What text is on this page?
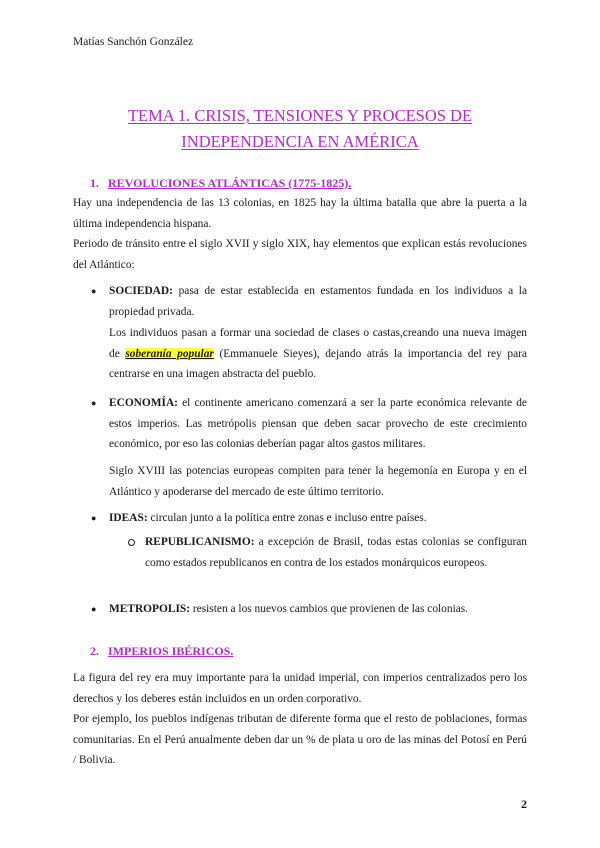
Matías Sanchón González
TEMA 1. CRISIS, TENSIONES Y PROCESOS DE
INDEPENDENCIA EN AMÉRICA
1. REVOLUCIONES ATLÁNTICAS (1775-1825).

Hay una independencia de las 13 colonias, en 1825 hay la última batalla que abre la puerta a la última independencia hispana.

Periodo de tránsito entre el siglo XVII y siglo XIX, hay elementos que explican estás revoluciones del Atlántico:

● SOCIEDAD: pasa de estar establecida en estamentos fundada en los individuos a la propiedad privada.

Los individuos pasan a formar una sociedad de clases o castas,creando una nueva imagen de soberanía popular (Emmanuele Sieyes), dejando atrás la importancia del rey para centrarse en una imagen abstracta del pueblo.

● ECONOMÍA: el continente americano comenzará a ser la parte económica relevante de estos imperios. Las metrópolis piensan que deben sacar provecho de este crecimiento económico, por eso las colonias deberían pagar altos gastos militares.

Siglo XVIII las potencias europeas compiten para tener la hegemonía en Europa y en el Atlántico y apoderarse del mercado de este último territorio.

● IDEAS: circulan junto a la política entre zonas e incluso entre países.

REPUBLICANISMO: a excepción de Brasil, todas estas colonias se configuran como estados republicanos en contra de los estados monárquicos europeos.

● METROPOLIS: resisten a los nuevos cambios que provienen de las colonias.

2. IMPERIOS IBÉRICOS.

La figura del rey era muy importante para la unidad imperial, con imperios centralizados pero los derechos y los deberes están incluidos en un orden corporativo.

Por ejemplo, los pueblos indígenas tributan de diferente forma que el resto de poblaciones, formas comunitarias. En el Perú anualmente deben dar un % de plata u oro de las minas del Potosí en Perú / Bolivia.

2
